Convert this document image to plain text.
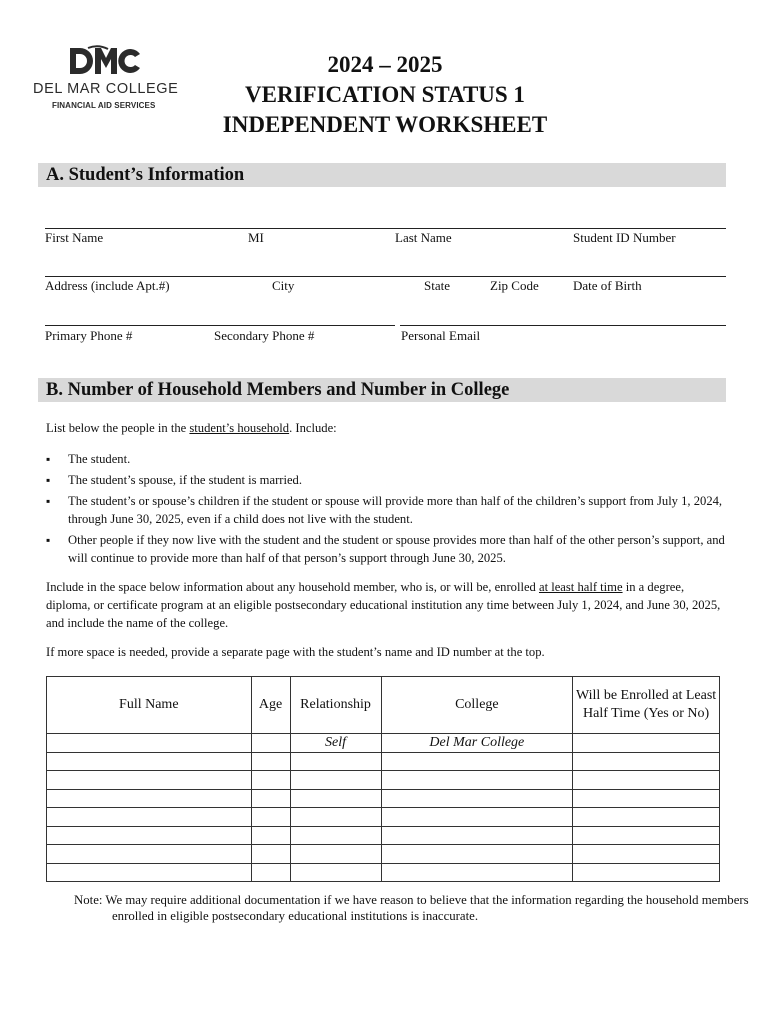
DEL MAR COLLEGE
FINANCIAL AID SERVICES
2024 – 2025
VERIFICATION STATUS 1
INDEPENDENT WORKSHEET
A. Student’s Information
First Name	MI	Last Name	Student ID Number
Address (include Apt.#)	City	State	Zip Code	Date of Birth
Primary Phone #	Secondary Phone #	Personal Email
B. Number of Household Members and Number in College
List below the people in the student’s household. Include:
▪ The student.
▪ The student’s spouse, if the student is married.
▪ The student’s or spouse’s children if the student or spouse will provide more than half of the children’s support from July 1, 2024, through June 30, 2025, even if a child does not live with the student.
▪ Other people if they now live with the student and the student or spouse provides more than half of the other person’s support, and will continue to provide more than half of that person’s support through June 30, 2025.
Include in the space below information about any household member, who is, or will be, enrolled at least half time in a degree, diploma, or certificate program at an eligible postsecondary educational institution any time between July 1, 2024, and June 30, 2025, and include the name of the college.
If more space is needed, provide a separate page with the student’s name and ID number at the top.
Full Name	Age	Relationship	College	Will be Enrolled at Least Half Time (Yes or No)
		Self	Del Mar College	

Note: We may require additional documentation if we have reason to believe that the information regarding the household members enrolled in eligible postsecondary educational institutions is inaccurate.
